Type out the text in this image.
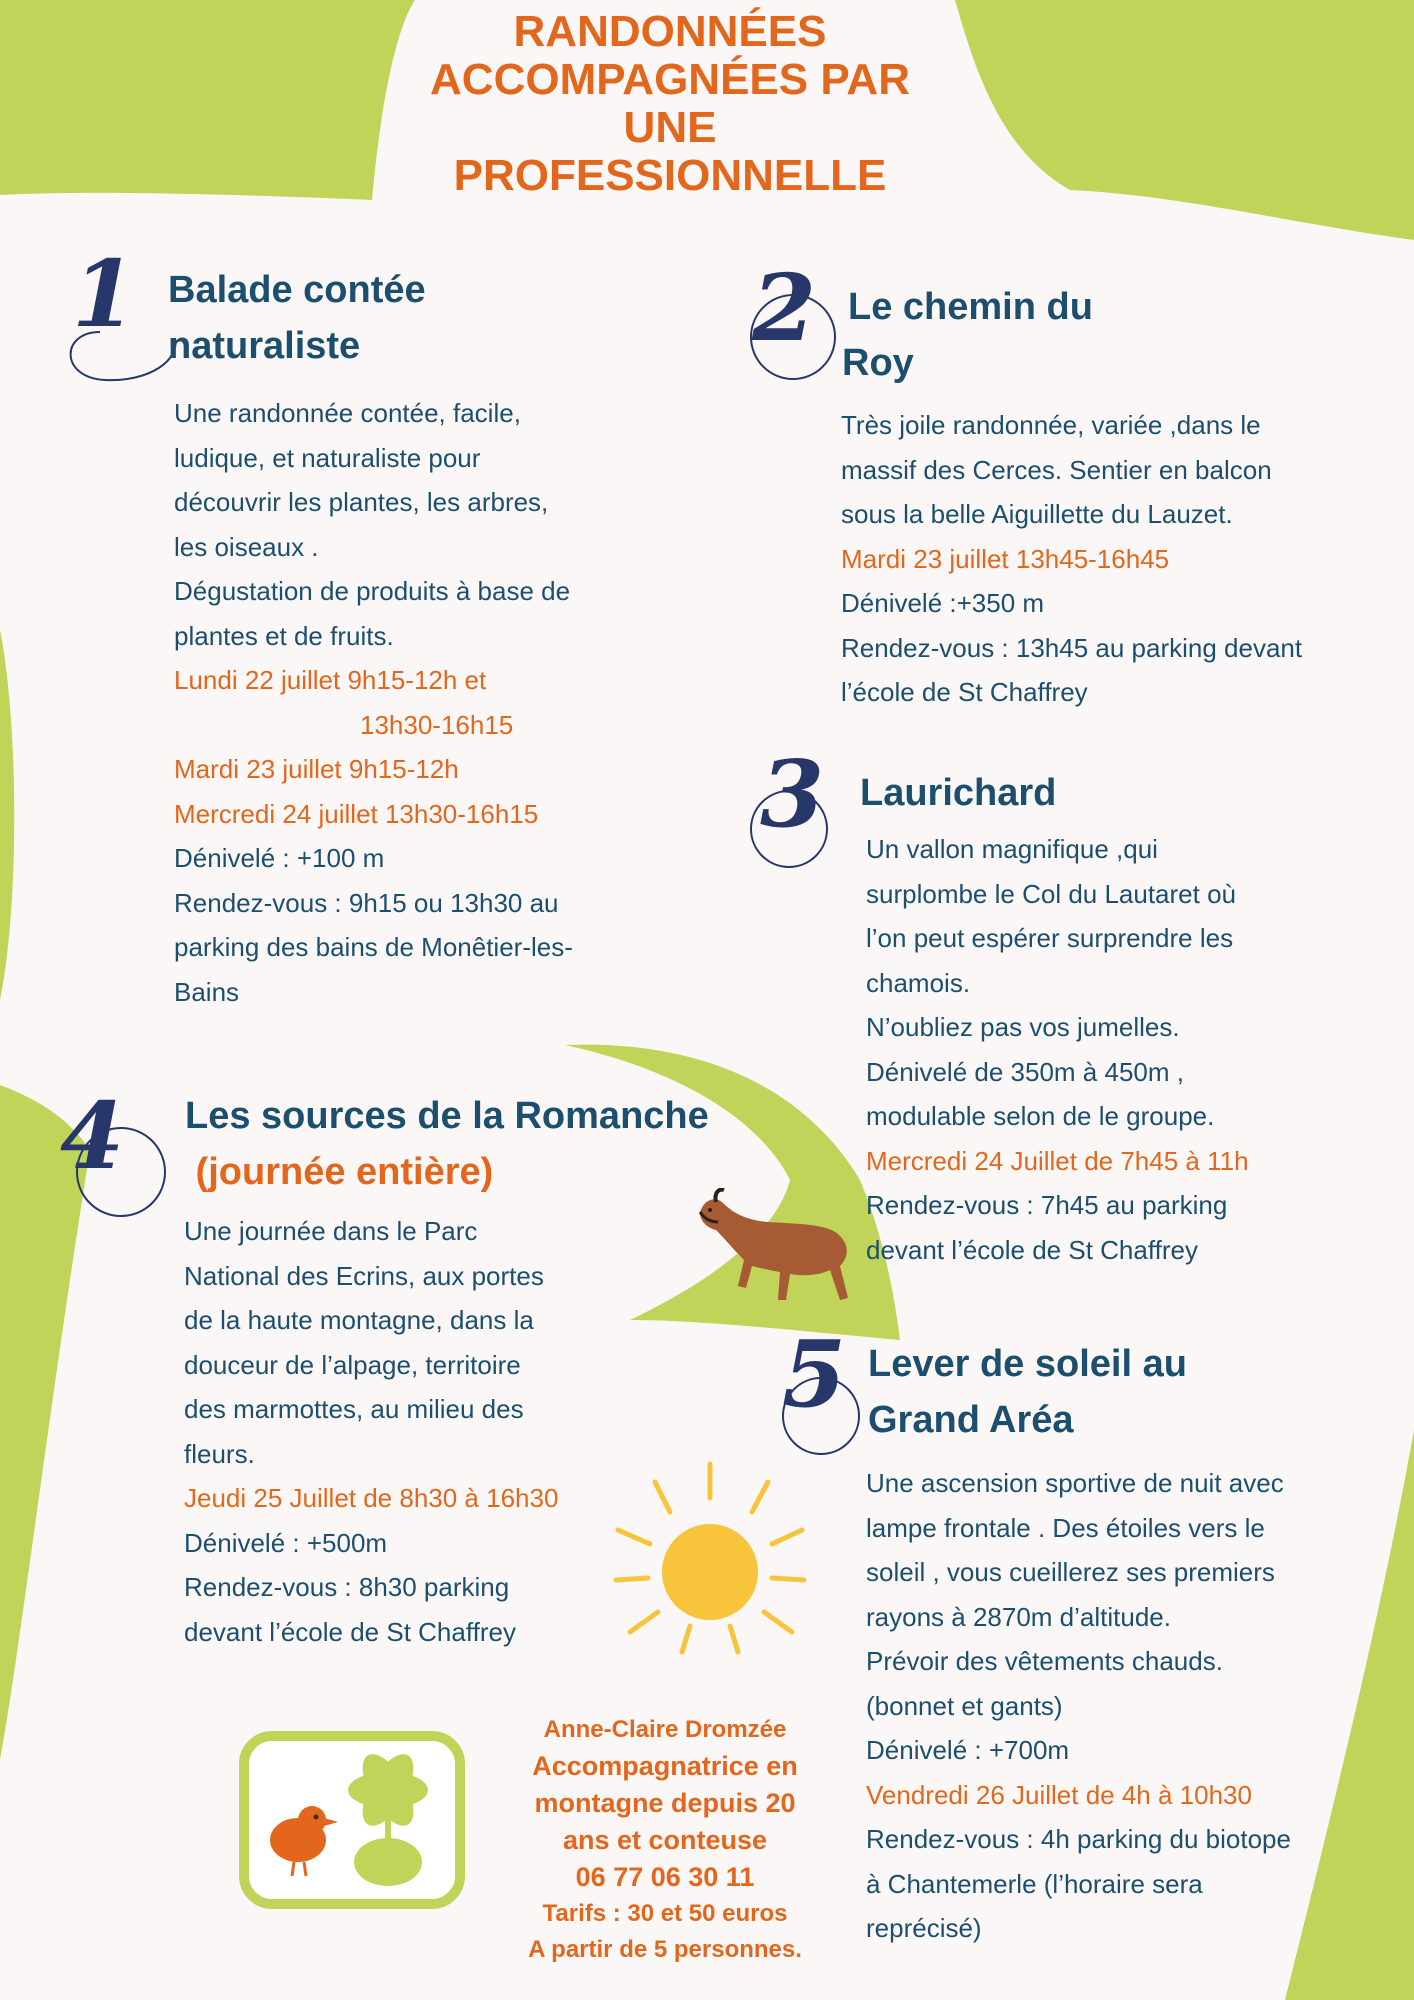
RANDONNÉES
ACCOMPAGNÉES PAR
UNE
PROFESSIONNELLE
1 Balade contée
naturaliste
Une randonnée contée, facile,
ludique, et naturaliste pour
découvrir les plantes, les arbres,
les oiseaux .
Dégustation de produits à base de
plantes et de fruits.
Lundi 22 juillet 9h15-12h et
13h30-16h15
Mardi 23 juillet 9h15-12h
Mercredi 24 juillet 13h30-16h15
Dénivelé : +100 m
Rendez-vous : 9h15 ou 13h30 au
parking des bains de Monêtier-les-
Bains
2 Le chemin du
Roy
Très joile randonnée, variée ,dans le
massif des Cerces. Sentier en balcon
sous la belle Aiguillette du Lauzet.
Mardi 23 juillet 13h45-16h45
Dénivelé :+350 m
Rendez-vous : 13h45 au parking devant
l’école de St Chaffrey
3 Laurichard
Un vallon magnifique ,qui
surplombe le Col du Lautaret où
l’on peut espérer surprendre les
chamois.
N’oubliez pas vos jumelles.
Dénivelé de 350m à 450m ,
modulable selon de le groupe.
Mercredi 24 Juillet de 7h45 à 11h
Rendez-vous : 7h45 au parking
devant l’école de St Chaffrey
4 Les sources de la Romanche
(journée entière)
Une journée dans le Parc
National des Ecrins, aux portes
de la haute montagne, dans la
douceur de l’alpage, territoire
des marmottes, au milieu des
fleurs.
Jeudi 25 Juillet de 8h30 à 16h30
Dénivelé : +500m
Rendez-vous : 8h30 parking
devant l’école de St Chaffrey
5 Lever de soleil au
Grand Aréa
Une ascension sportive de nuit avec
lampe frontale . Des étoiles vers le
soleil , vous cueillerez ses premiers
rayons à 2870m d’altitude.
Prévoir des vêtements chauds.
(bonnet et gants)
Dénivelé : +700m
Vendredi 26 Juillet de 4h à 10h30
Rendez-vous : 4h parking du biotope
à Chantemerle (l’horaire sera
reprécisé)
Anne-Claire Dromzée
Accompagnatrice en
montagne depuis 20
ans et conteuse
06 77 06 30 11
Tarifs : 30 et 50 euros
A partir de 5 personnes.
